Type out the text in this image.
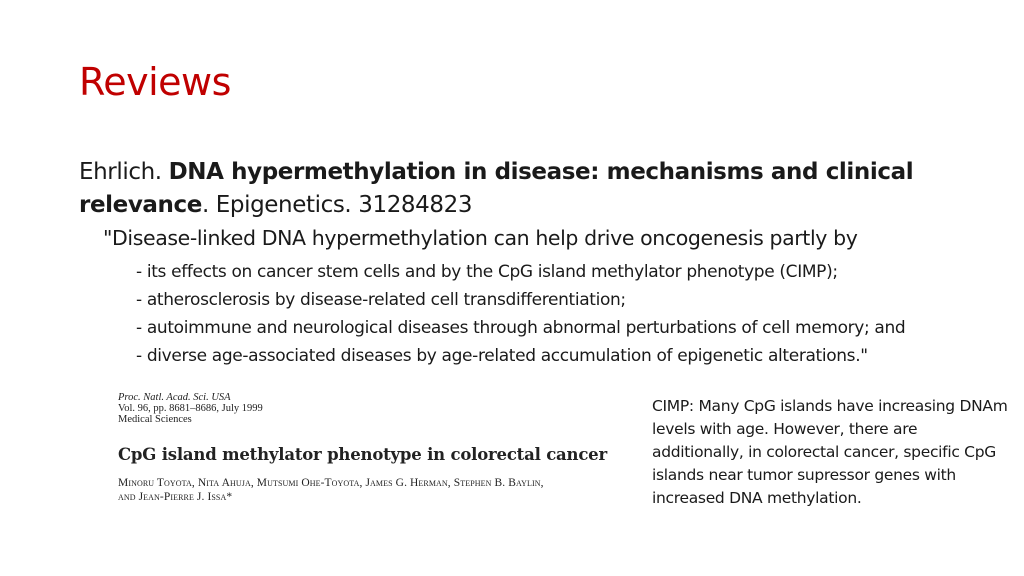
Reviews
Ehrlich. DNA hypermethylation in disease: mechanisms and clinical relevance. Epigenetics. 31284823
"Disease-linked DNA hypermethylation can help drive oncogenesis partly by
- its effects on cancer stem cells and by the CpG island methylator phenotype (CIMP);
- atherosclerosis by disease-related cell transdifferentiation;
- autoimmune and neurological diseases through abnormal perturbations of cell memory; and
- diverse age-associated diseases by age-related accumulation of epigenetic alterations."
Proc. Natl. Acad. Sci. USA
Vol. 96, pp. 8681–8686, July 1999
Medical Sciences
CpG island methylator phenotype in colorectal cancer
Minoru Toyota, Nita Ahuja, Mutsumi Ohe-Toyota, James G. Herman, Stephen B. Baylin,
and Jean-Pierre J. Issa*
CIMP: Many CpG islands have increasing DNAm levels with age. However, there are additionally, in colorectal cancer, specific CpG islands near tumor supressor genes with increased DNA methylation.
